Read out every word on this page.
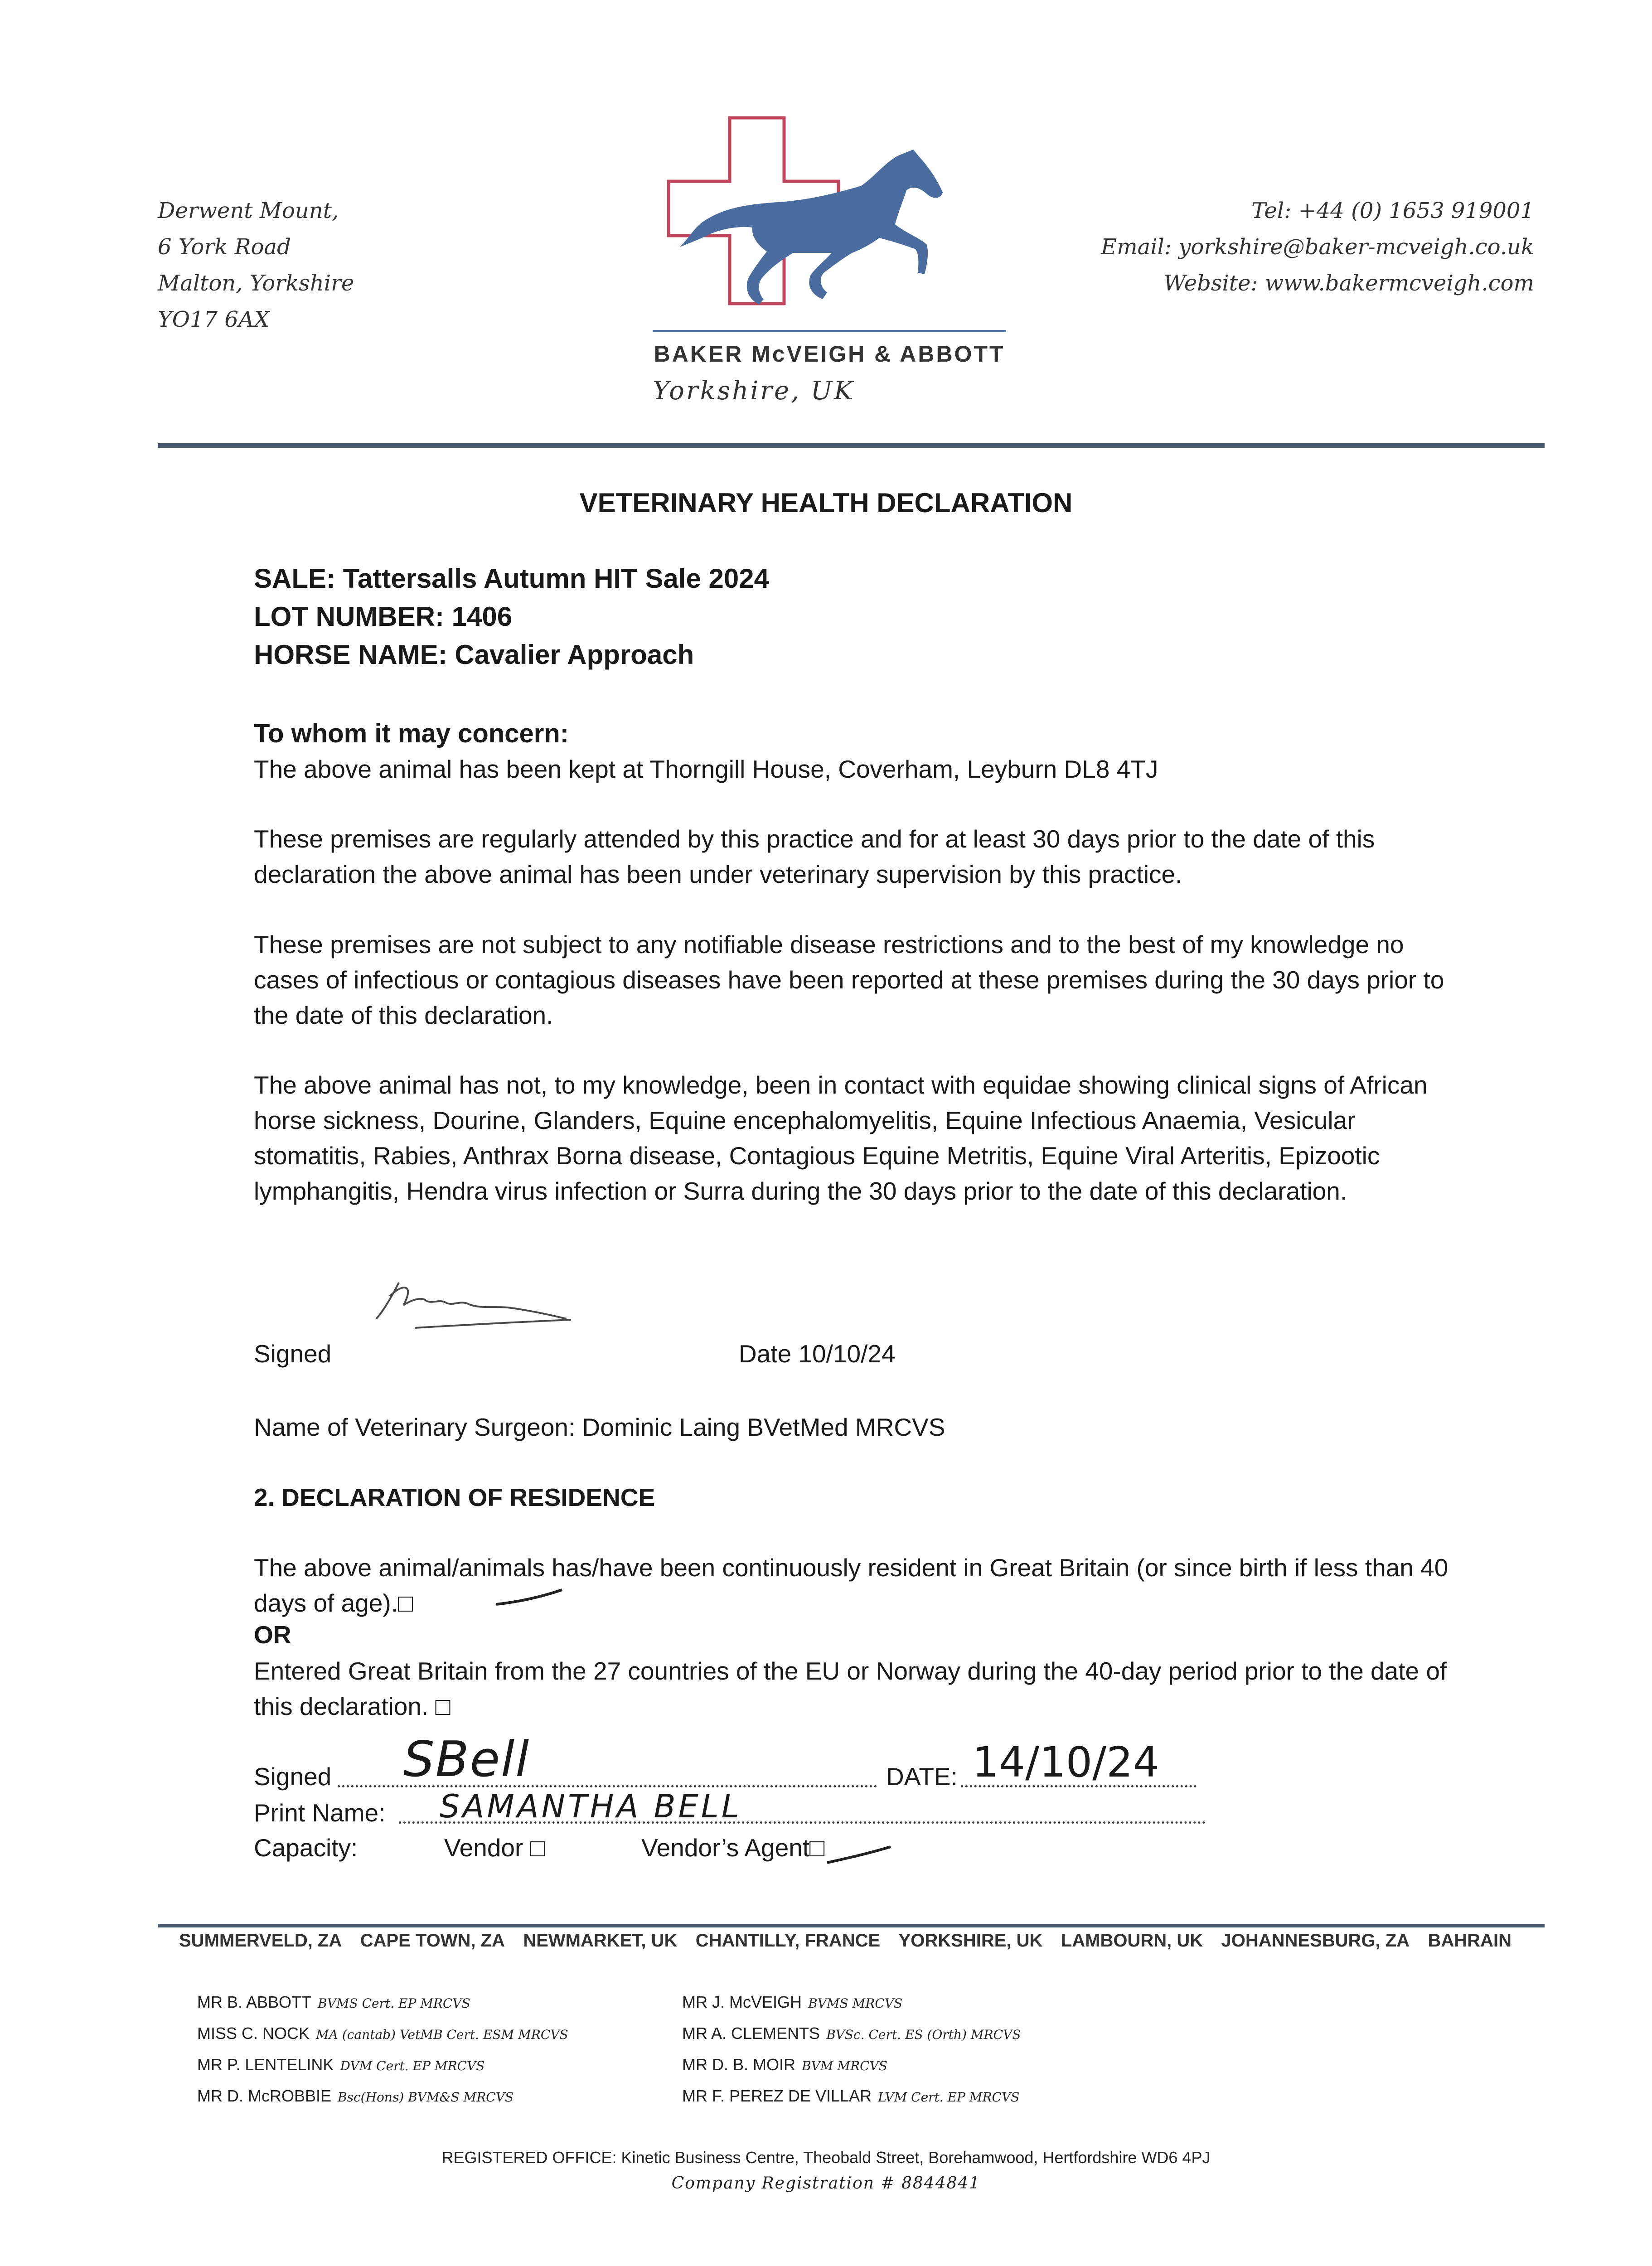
Derwent Mount,
6 York Road
Malton, Yorkshire
YO17 6AX
BAKER McVEIGH & ABBOTT
Yorkshire, UK
Tel: +44 (0) 1653 919001
Email: yorkshire@baker-mcveigh.co.uk
Website: www.bakermcveigh.com
VETERINARY HEALTH DECLARATION
SALE: Tattersalls Autumn HIT Sale 2024
LOT NUMBER: 1406
HORSE NAME: Cavalier Approach
To whom it may concern:
The above animal has been kept at Thorngill House, Coverham, Leyburn DL8 4TJ
These premises are regularly attended by this practice and for at least 30 days prior to the date of this declaration the above animal has been under veterinary supervision by this practice.
These premises are not subject to any notifiable disease restrictions and to the best of my knowledge no cases of infectious or contagious diseases have been reported at these premises during the 30 days prior to the date of this declaration.
The above animal has not, to my knowledge, been in contact with equidae showing clinical signs of African horse sickness, Dourine, Glanders, Equine encephalomyelitis, Equine Infectious Anaemia, Vesicular stomatitis, Rabies, Anthrax Borna disease, Contagious Equine Metritis, Equine Viral Arteritis, Epizootic lymphangitis, Hendra virus infection or Surra during the 30 days prior to the date of this declaration.
Signed	Date 10/10/24
Name of Veterinary Surgeon: Dominic Laing BVetMed MRCVS
2. DECLARATION OF RESIDENCE
The above animal/animals has/have been continuously resident in Great Britain (or since birth if less than 40 days of age).□
OR
Entered Great Britain from the 27 countries of the EU or Norway during the 40-day period prior to the date of this declaration. □
Signed SBell	DATE: 14/10/24
Print Name: SAMANTHA BELL
Capacity:	Vendor □	Vendor’s Agent□
SUMMERVELD, ZA CAPE TOWN, ZA NEWMARKET, UK CHANTILLY, FRANCE YORKSHIRE, UK LAMBOURN, UK JOHANNESBURG, ZA BAHRAIN
MR B. ABBOTT BVMS Cert. EP MRCVS
MISS C. NOCK MA (cantab) VetMB Cert. ESM MRCVS
MR P. LENTELINK DVM Cert. EP MRCVS
MR D. McROBBIE Bsc(Hons) BVM&S MRCVS
MR J. McVEIGH BVMS MRCVS
MR A. CLEMENTS BVSc. Cert. ES (Orth) MRCVS
MR D. B. MOIR BVM MRCVS
MR F. PEREZ DE VILLAR LVM Cert. EP MRCVS
REGISTERED OFFICE: Kinetic Business Centre, Theobald Street, Borehamwood, Hertfordshire WD6 4PJ
Company Registration # 8844841
